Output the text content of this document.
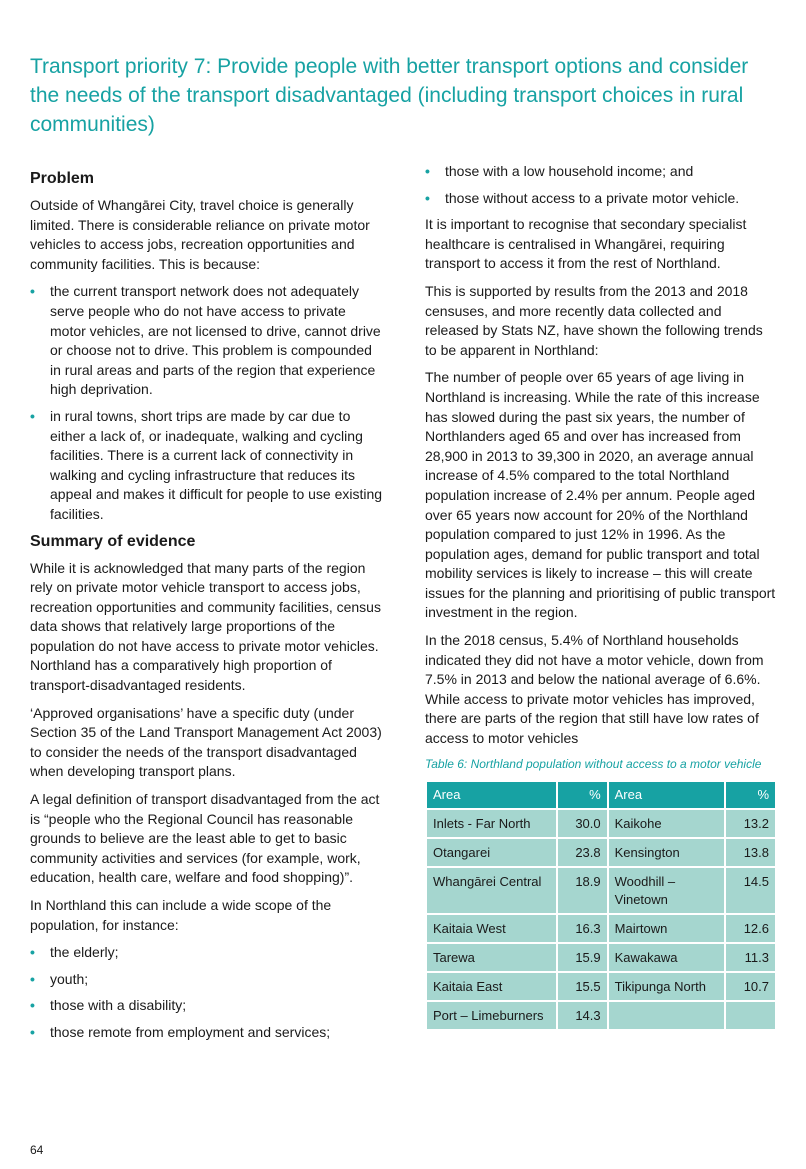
Transport priority 7: Provide people with better transport options and consider the needs of the transport disadvantaged (including transport choices in rural communities)
Problem

Outside of Whangārei City, travel choice is generally limited. There is considerable reliance on private motor vehicles to access jobs, recreation opportunities and community facilities. This is because:

• the current transport network does not adequately serve people who do not have access to private motor vehicles, are not licensed to drive, cannot drive or choose not to drive. This problem is compounded in rural areas and parts of the region that experience high deprivation.
• in rural towns, short trips are made by car due to either a lack of, or inadequate, walking and cycling facilities. There is a current lack of connectivity in walking and cycling infrastructure that reduces its appeal and makes it difficult for people to use existing facilities.
Summary of evidence

While it is acknowledged that many parts of the region rely on private motor vehicle transport to access jobs, recreation opportunities and community facilities, census data shows that relatively large proportions of the population do not have access to private motor vehicles. Northland has a comparatively high proportion of transport-disadvantaged residents.

‘Approved organisations’ have a specific duty (under Section 35 of the Land Transport Management Act 2003) to consider the needs of the transport disadvantaged when developing transport plans.

A legal definition of transport disadvantaged from the act is “people who the Regional Council has reasonable grounds to believe are the least able to get to basic community activities and services (for example, work, education, health care, welfare and food shopping)”.

In Northland this can include a wide scope of the population, for instance:

• the elderly;
• youth;
• those with a disability;
• those remote from employment and services;
• those with a low household income; and
• those without access to a private motor vehicle.

It is important to recognise that secondary specialist healthcare is centralised in Whangārei, requiring transport to access it from the rest of Northland.

This is supported by results from the 2013 and 2018 censuses, and more recently data collected and released by Stats NZ, have shown the following trends to be apparent in Northland:

The number of people over 65 years of age living in Northland is increasing. While the rate of this increase has slowed during the past six years, the number of Northlanders aged 65 and over has increased from 28,900 in 2013 to 39,300 in 2020, an average annual increase of 4.5% compared to the total Northland population increase of 2.4% per annum. People aged over 65 years now account for 20% of the Northland population compared to just 12% in 1996. As the population ages, demand for public transport and total mobility services is likely to increase – this will create issues for the planning and prioritising of public transport investment in the region.

In the 2018 census, 5.4% of Northland households indicated they did not have a motor vehicle, down from 7.5% in 2013 and below the national average of 6.6%. While access to private motor vehicles has improved, there are parts of the region that still have low rates of access to motor vehicles

Table 6: Northland population without access to a motor vehicle
Area	%	Area	%
Inlets - Far North	30.0	Kaikohe	13.2
Otangarei	23.8	Kensington	13.8
Whangārei Central	18.9	Woodhill – Vinetown	14.5
Kaitaia West	16.3	Mairtown	12.6
Tarewa	15.9	Kawakawa	11.3
Kaitaia East	15.5	Tikipunga North	10.7
Port – Limeburners	14.3		
64
